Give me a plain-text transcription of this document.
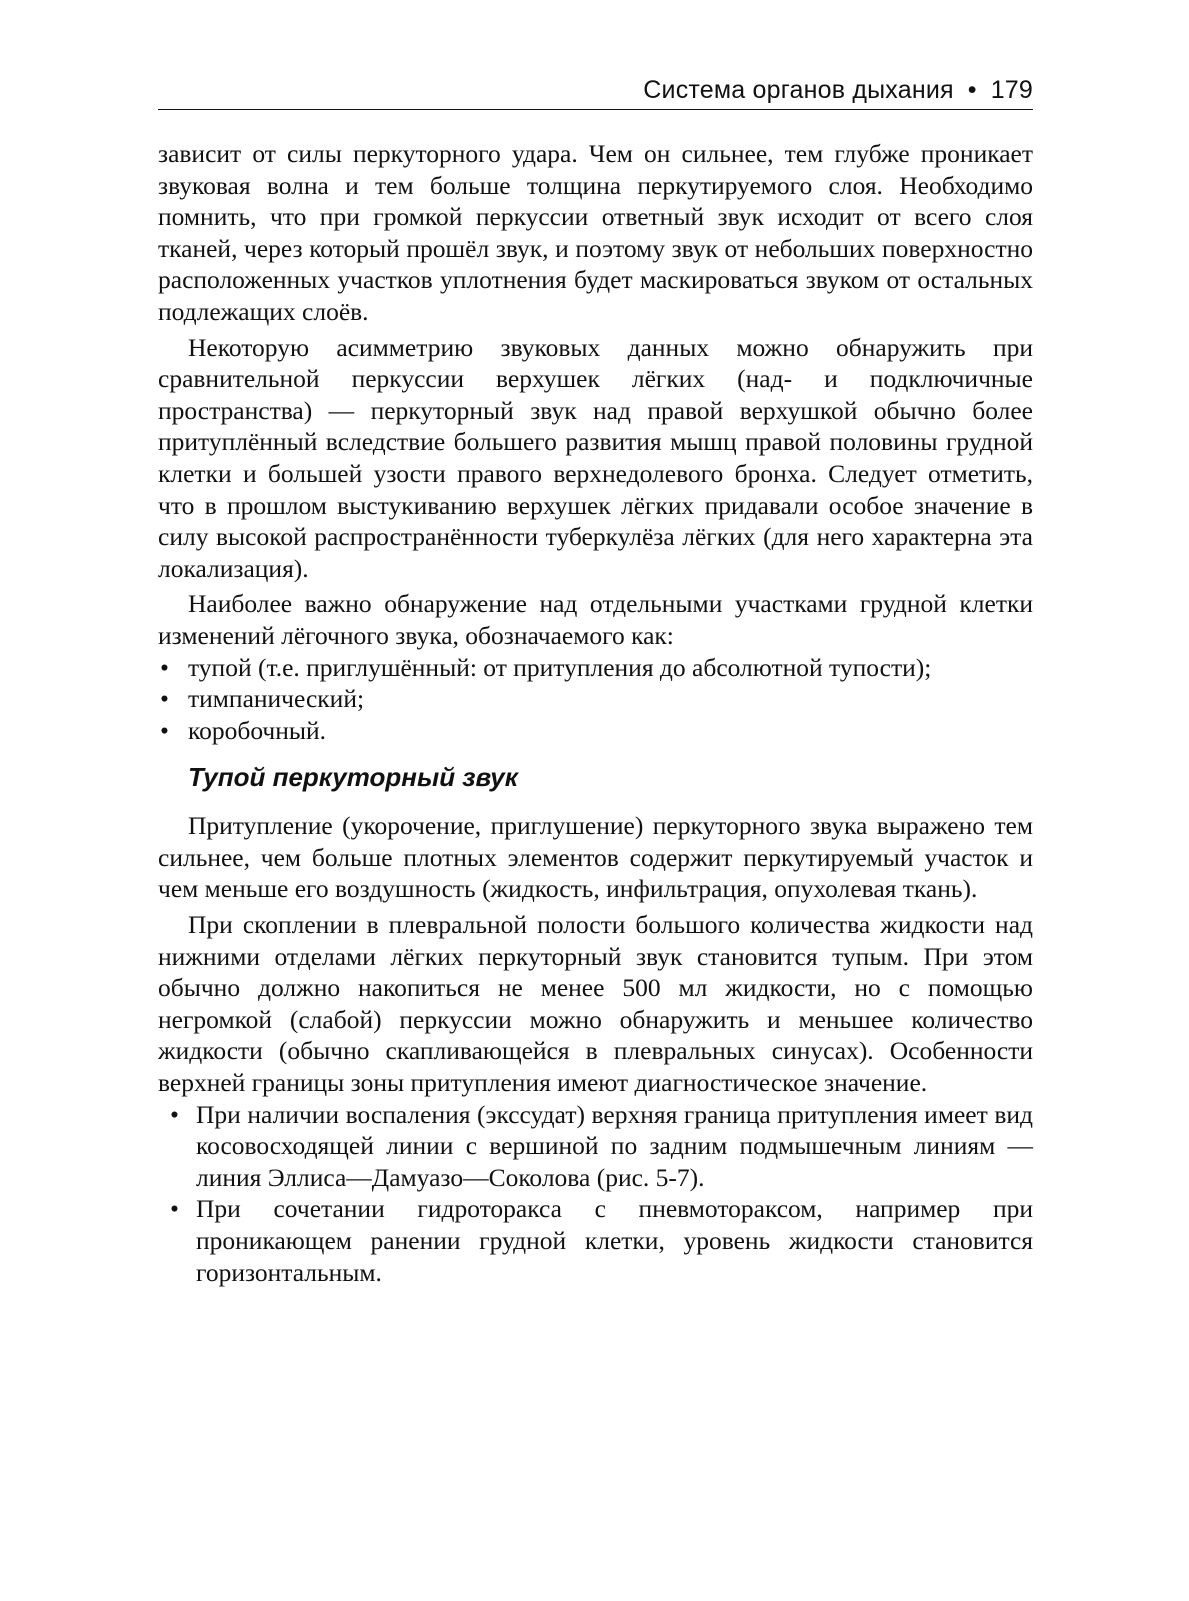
Система органов дыхания • 179

зависит от силы перкуторного удара. Чем он сильнее, тем глубже проникает звуковая волна и тем больше толщина перкутируемого слоя. Необходимо помнить, что при громкой перкуссии ответный звук исходит от всего слоя тканей, через который прошёл звук, и поэтому звук от небольших поверхностно расположенных участков уплотнения будет маскироваться звуком от остальных подлежащих слоёв.

Некоторую асимметрию звуковых данных можно обнаружить при сравнительной перкуссии верхушек лёгких (над- и подключичные пространства) — перкуторный звук над правой верхушкой обычно более притуплённый вследствие большего развития мышц правой половины грудной клетки и большей узости правого верхнедолевого бронха. Следует отметить, что в прошлом выстукиванию верхушек лёгких придавали особое значение в силу высокой распространённости туберкулёза лёгких (для него характерна эта локализация).

Наиболее важно обнаружение над отдельными участками грудной клетки изменений лёгочного звука, обозначаемого как:

• тупой (т.е. приглушённый: от притупления до абсолютной тупости);
• тимпанический;
• коробочный.
Тупой перкуторный звук

Притупление (укорочение, приглушение) перкуторного звука выражено тем сильнее, чем больше плотных элементов содержит перкутируемый участок и чем меньше его воздушность (жидкость, инфильтрация, опухолевая ткань).

При скоплении в плевральной полости большого количества жидкости над нижними отделами лёгких перкуторный звук становится тупым. При этом обычно должно накопиться не менее 500 мл жидкости, но с помощью негромкой (слабой) перкуссии можно обнаружить и меньшее количество жидкости (обычно скапливающейся в плевральных синусах). Особенности верхней границы зоны притупления имеют диагностическое значение.

• При наличии воспаления (экссудат) верхняя граница притупления имеет вид косовосходящей линии с вершиной по задним подмышечным линиям — линия Эллиса—Дамуазо—Соколова (рис. 5-7).
• При сочетании гидроторакса с пневмотораксом, например при проникающем ранении грудной клетки, уровень жидкости становится горизонтальным.
